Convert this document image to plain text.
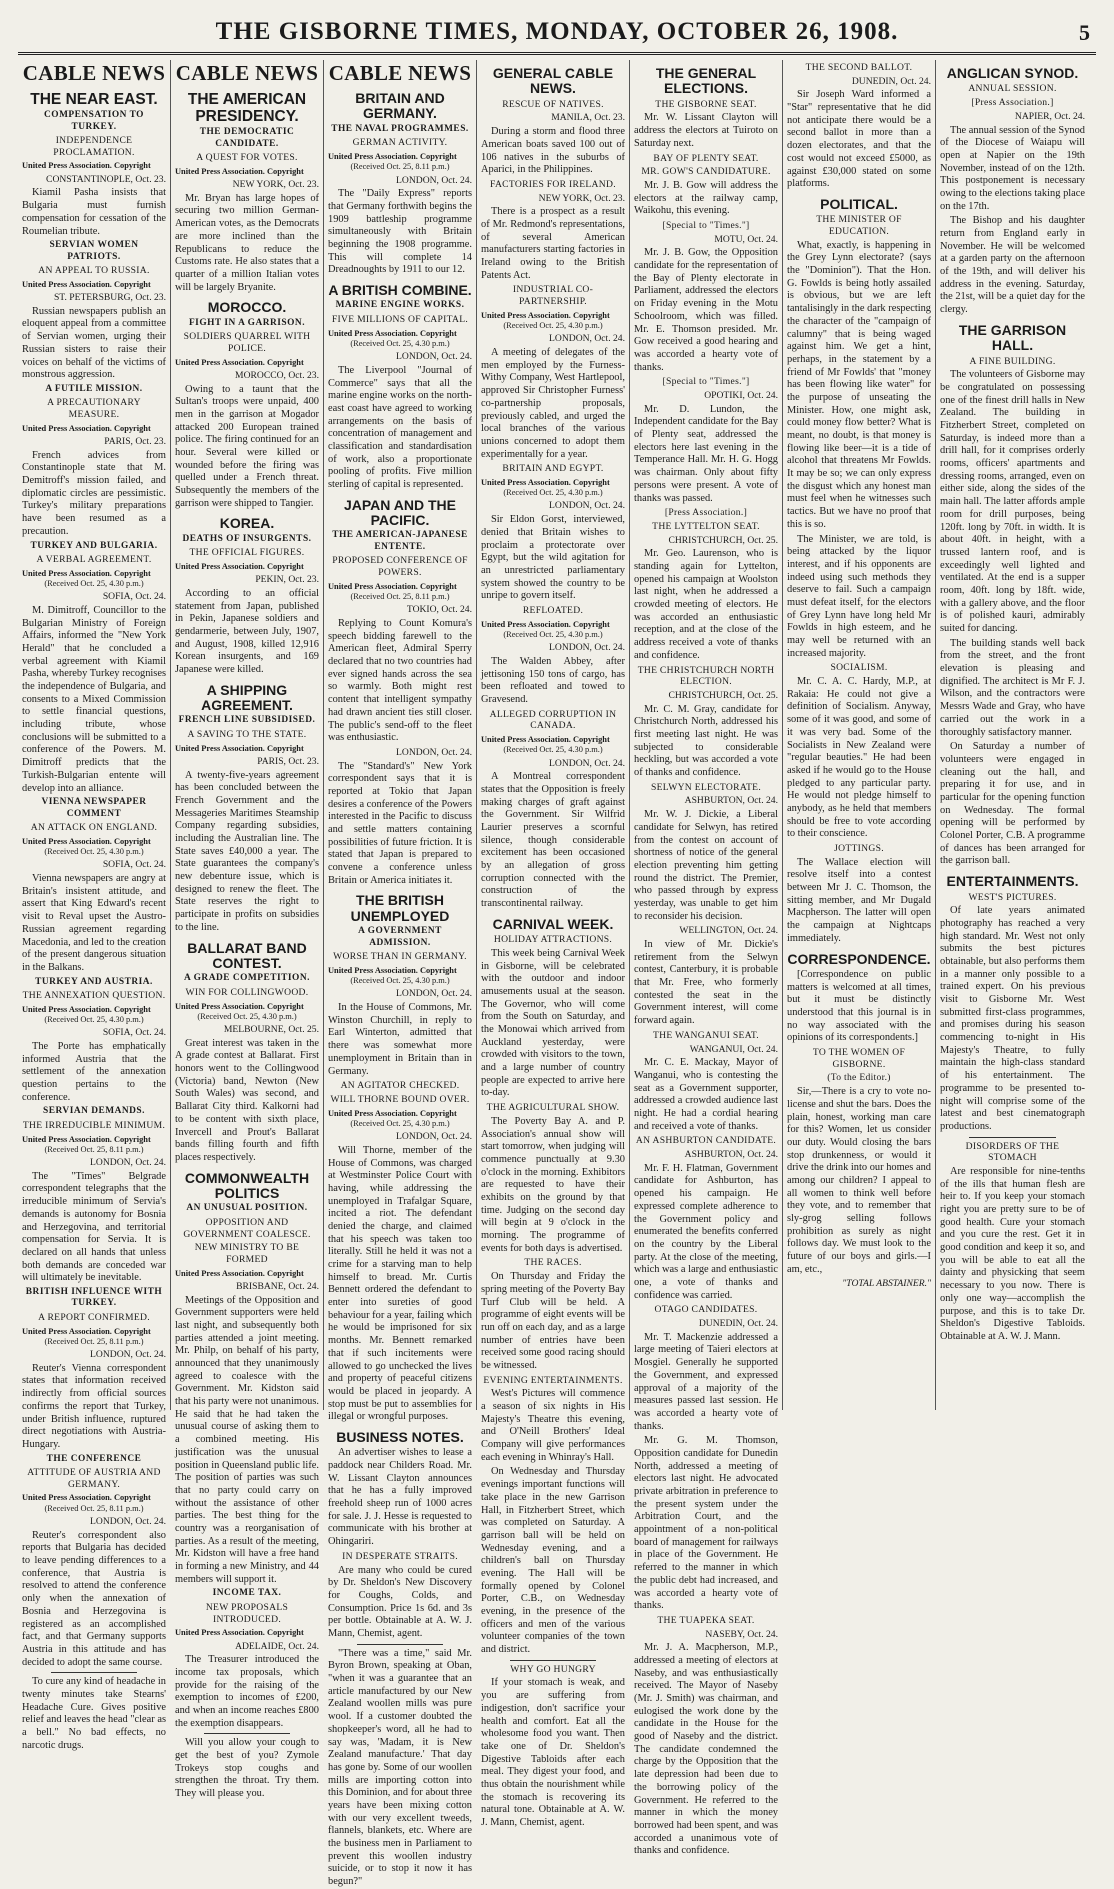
THE GISBORNE TIMES, MONDAY, OCTOBER 26, 1908.	5
CABLE NEWS
THE NEAR EAST.
COMPENSATION TO TURKEY.
INDEPENDENCE PROCLAMATION.
United Press Association. Copyright
CONSTANTINOPLE, Oct. 23.

Kiamil Pasha insists that Bulgaria must furnish compensation for cessation of the Roumelian tribute.

SERVIAN WOMEN PATRIOTS.
AN APPEAL TO RUSSIA.
United Press Association. Copyright
ST. PETERSBURG, Oct. 23.

Russian newspapers publish an eloquent appeal from a committee of Servian women, urging their Russian sisters to raise their voices on behalf of the victims of monstrous aggression.

A FUTILE MISSION.
A PRECAUTIONARY MEASURE.
United Press Association. Copyright
PARIS, Oct. 23.

French advices from Constantinople state that M. Demitroff's mission failed, and diplomatic circles are pessimistic. Turkey's military preparations have been resumed as a precaution.

TURKEY AND BULGARIA.
A VERBAL AGREEMENT.
United Press Association. Copyright
(Received Oct. 25, 4.30 p.m.)
SOFIA, Oct. 24.

M. Dimitroff, Councillor to the Bulgarian Ministry of Foreign Affairs, informed the "New York Herald" that he concluded a verbal agreement with Kiamil Pasha, whereby Turkey recognises the independence of Bulgaria, and consents to a Mixed Commission to settle financial questions, including tribute, whose conclusions will be submitted to a conference of the Powers. M. Dimitroff predicts that the Turkish-Bulgarian entente will develop into an alliance.

VIENNA NEWSPAPER COMMENT
AN ATTACK ON ENGLAND.
United Press Association. Copyright
(Received Oct. 25, 4.30 p.m.)
SOFIA, Oct. 24.

Vienna newspapers are angry at Britain's insistent attitude, and assert that King Edward's recent visit to Reval upset the Austro-Russian agreement regarding Macedonia, and led to the creation of the present dangerous situation in the Balkans.

TURKEY AND AUSTRIA.
THE ANNEXATION QUESTION.
United Press Association. Copyright
(Received Oct. 25, 4.30 p.m.)
SOFIA, Oct. 24.

The Porte has emphatically informed Austria that the settlement of the annexation question pertains to the conference.

SERVIAN DEMANDS.
THE IRREDUCIBLE MINIMUM.
United Press Association. Copyright
(Received Oct. 25, 8.11 p.m.)
LONDON, Oct. 24.

The "Times" Belgrade correspondent telegraphs that the irreducible minimum of Servia's demands is autonomy for Bosnia and Herzegovina, and territorial compensation for Servia. It is declared on all hands that unless both demands are conceded war will ultimately be inevitable.

BRITISH INFLUENCE WITH TURKEY.
A REPORT CONFIRMED.
United Press Association. Copyright
(Received Oct. 25, 8.11 p.m.)
LONDON, Oct. 24.

Reuter's Vienna correspondent states that information received indirectly from official sources confirms the report that Turkey, under British influence, ruptured direct negotiations with Austria-Hungary.

THE CONFERENCE
ATTITUDE OF AUSTRIA AND GERMANY.
United Press Association. Copyright
(Received Oct. 25, 8.11 p.m.)
LONDON, Oct. 24.

Reuter's correspondent also reports that Bulgaria has decided to leave pending differences to a conference, that Austria is resolved to attend the conference only when the annexation of Bosnia and Herzegovina is registered as an accomplished fact, and that Germany supports Austria in this attitude and has decided to adopt the same course.

To cure any kind of headache in twenty minutes take Stearns' Headache Cure. Gives positive relief and leaves the head "clear as a bell." No bad effects, no narcotic drugs.

CABLE NEWS
THE AMERICAN PRESIDENCY.
THE DEMOCRATIC CANDIDATE.
A QUEST FOR VOTES.
United Press Association. Copyright
NEW YORK, Oct. 23.

Mr. Bryan has large hopes of securing two million German-American votes, as the Democrats are more inclined than the Republicans to reduce the Customs rate. He also states that a quarter of a million Italian votes will be largely Bryanite.

MOROCCO.
FIGHT IN A GARRISON.
SOLDIERS QUARREL WITH POLICE.
United Press Association. Copyright
MOROCCO, Oct. 23.

Owing to a taunt that the Sultan's troops were unpaid, 400 men in the garrison at Mogador attacked 200 European trained police. The firing continued for an hour. Several were killed or wounded before the firing was quelled under a French threat. Subsequently the members of the garrison were shipped to Tangier.

KOREA.
DEATHS OF INSURGENTS.
THE OFFICIAL FIGURES.
United Press Association. Copyright
PEKIN, Oct. 23.

According to an official statement from Japan, published in Pekin, Japanese soldiers and gendarmerie, between July, 1907, and August, 1908, killed 12,916 Korean insurgents, and 169 Japanese were killed.

A SHIPPING AGREEMENT.
FRENCH LINE SUBSIDISED.
A SAVING TO THE STATE.
United Press Association. Copyright
PARIS, Oct. 23.

A twenty-five-years agreement has been concluded between the French Government and the Messageries Maritimes Steamship Company regarding subsidies, including the Australian line. The State saves £40,000 a year. The State guarantees the company's new debenture issue, which is designed to renew the fleet. The State reserves the right to participate in profits on subsidies to the line.

BALLARAT BAND CONTEST.
A GRADE COMPETITION.
WIN FOR COLLINGWOOD.
United Press Association. Copyright
(Received Oct. 25, 4.30 p.m.)
MELBOURNE, Oct. 25.

Great interest was taken in the A grade contest at Ballarat. First honors went to the Collingwood (Victoria) band, Newton (New South Wales) was second, and Ballarat City third. Kalkorni had to be content with sixth place, Invercell and Prout's Ballarat bands filling fourth and fifth places respectively.

COMMONWEALTH POLITICS
AN UNUSUAL POSITION.
OPPOSITION AND GOVERNMENT COALESCE.
NEW MINISTRY TO BE FORMED
United Press Association. Copyright
BRISBANE, Oct. 24.

Meetings of the Opposition and Government supporters were held last night, and subsequently both parties attended a joint meeting. Mr. Philp, on behalf of his party, announced that they unanimously agreed to coalesce with the Government. Mr. Kidston said that his party were not unanimous. He said that he had taken the unusual course of asking them to a combined meeting. His justification was the unusual position in Queensland public life. The position of parties was such that no party could carry on without the assistance of other parties. The best thing for the country was a reorganisation of parties. As a result of the meeting, Mr. Kidston will have a free hand in forming a new Ministry, and 44 members will support it.

INCOME TAX.
NEW PROPOSALS INTRODUCED.
United Press Association. Copyright
ADELAIDE, Oct. 24.

The Treasurer introduced the income tax proposals, which provide for the raising of the exemption to incomes of £200, and when an income reaches £800 the exemption disappears.

Will you allow your cough to get the best of you? Zymole Trokeys stop coughs and strengthen the throat. Try them. They will please you.

CABLE NEWS
BRITAIN AND GERMANY.
THE NAVAL PROGRAMMES.
GERMAN ACTIVITY.
United Press Association. Copyright
(Received Oct. 25, 8.11 p.m.)
LONDON, Oct. 24.

The "Daily Express" reports that Germany forthwith begins the 1909 battleship programme simultaneously with Britain beginning the 1908 programme. This will complete 14 Dreadnoughts by 1911 to our 12.

A BRITISH COMBINE.
MARINE ENGINE WORKS.
FIVE MILLIONS OF CAPITAL.
United Press Association. Copyright
(Received Oct. 25, 4.30 p.m.)
LONDON, Oct. 24.

The Liverpool "Journal of Commerce" says that all the marine engine works on the north-east coast have agreed to working arrangements on the basis of concentration of management and classification and standardisation of work, also a proportionate pooling of profits. Five million sterling of capital is represented.

JAPAN AND THE PACIFIC.
THE AMERICAN-JAPANESE ENTENTE.
PROPOSED CONFERENCE OF POWERS.
United Press Association. Copyright
(Received Oct. 25, 8.11 p.m.)
TOKIO, Oct. 24.

Replying to Count Komura's speech bidding farewell to the American fleet, Admiral Sperry declared that no two countries had ever signed hands across the sea so warmly. Both might rest content that intelligent sympathy had drawn ancient ties still closer. The public's send-off to the fleet was enthusiastic.

LONDON, Oct. 24.

The "Standard's" New York correspondent says that it is reported at Tokio that Japan desires a conference of the Powers interested in the Pacific to discuss and settle matters containing possibilities of future friction. It is stated that Japan is prepared to convene a conference unless Britain or America initiates it.

THE BRITISH UNEMPLOYED
A GOVERNMENT ADMISSION.
WORSE THAN IN GERMANY.
United Press Association. Copyright
(Received Oct. 25, 4.30 p.m.)
LONDON, Oct. 24.

In the House of Commons, Mr. Winston Churchill, in reply to Earl Winterton, admitted that there was somewhat more unemployment in Britain than in Germany.

AN AGITATOR CHECKED.
WILL THORNE BOUND OVER.
United Press Association. Copyright
(Received Oct. 25, 4.30 p.m.)
LONDON, Oct. 24.

Will Thorne, member of the House of Commons, was charged at Westminster Police Court with having, while addressing the unemployed in Trafalgar Square, incited a riot. The defendant denied the charge, and claimed that his speech was taken too literally. Still he held it was not a crime for a starving man to help himself to bread. Mr. Curtis Bennett ordered the defendant to enter into sureties of good behaviour for a year, failing which he would be imprisoned for six months. Mr. Bennett remarked that if such incitements were allowed to go unchecked the lives and property of peaceful citizens would be placed in jeopardy. A stop must be put to assemblies for illegal or wrongful purposes.

BUSINESS NOTES.

An advertiser wishes to lease a paddock near Childers Road. Mr. W. Lissant Clayton announces that he has a fully improved freehold sheep run of 1000 acres for sale. J. J. Hesse is requested to communicate with his brother at Ohingariri.

IN DESPERATE STRAITS.

Are many who could be cured by Dr. Sheldon's New Discovery for Coughs, Colds, and Consumption. Price 1s 6d. and 3s per bottle. Obtainable at A. W. J. Mann, Chemist, agent.

"There was a time," said Mr. Byron Brown, speaking at Oban, "when it was a guarantee that an article manufactured by our New Zealand woollen mills was pure wool. If a customer doubted the shopkeeper's word, all he had to say was, 'Madam, it is New Zealand manufacture.' That day has gone by. Some of our woollen mills are importing cotton into this Dominion, and for about three years have been mixing cotton with our very excellent tweeds, flannels, blankets, etc. Where are the business men in Parliament to prevent this woollen industry suicide, or to stop it now it has begun?"

GENERAL CABLE NEWS.
RESCUE OF NATIVES.
MANILA, Oct. 23.

During a storm and flood three American boats saved 100 out of 106 natives in the suburbs of Aparici, in the Philippines.

FACTORIES FOR IRELAND.
NEW YORK, Oct. 23.

There is a prospect as a result of Mr. Redmond's representations, of several American manufacturers starting factories in Ireland owing to the British Patents Act.

INDUSTRIAL CO-PARTNERSHIP.
United Press Association. Copyright
(Received Oct. 25, 4.30 p.m.)
LONDON, Oct. 24.

A meeting of delegates of the men employed by the Furness-Withy Company, West Hartlepool, approved Sir Christopher Furness' co-partnership proposals, previously cabled, and urged the local branches of the various unions concerned to adopt them experimentally for a year.

BRITAIN AND EGYPT.
United Press Association. Copyright
(Received Oct. 25, 4.30 p.m.)
LONDON, Oct. 24.

Sir Eldon Gorst, interviewed, denied that Britain wishes to proclaim a protectorate over Egypt, but the wild agitation for an unrestricted parliamentary system showed the country to be unripe to govern itself.

REFLOATED.
United Press Association. Copyright
(Received Oct. 25, 4.30 p.m.)
LONDON, Oct. 24.

The Walden Abbey, after jettisoning 150 tons of cargo, has been refloated and towed to Gravesend.

ALLEGED CORRUPTION IN CANADA.
United Press Association. Copyright
(Received Oct. 25, 4.30 p.m.)
LONDON, Oct. 24.

A Montreal correspondent states that the Opposition is freely making charges of graft against the Government. Sir Wilfrid Laurier preserves a scornful silence, though considerable excitement has been occasioned by an allegation of gross corruption connected with the construction of the transcontinental railway.

CARNIVAL WEEK.
HOLIDAY ATTRACTIONS.

This week being Carnival Week in Gisborne, will be celebrated with the outdoor and indoor amusements usual at the season. The Governor, who will come from the South on Saturday, and the Monowai which arrived from Auckland yesterday, were crowded with visitors to the town, and a large number of country people are expected to arrive here to-day.

THE AGRICULTURAL SHOW.

The Poverty Bay A. and P. Association's annual show will start tomorrow, when judging will commence punctually at 9.30 o'clock in the morning. Exhibitors are requested to have their exhibits on the ground by that time. Judging on the second day will begin at 9 o'clock in the morning. The programme of events for both days is advertised.

THE RACES.

On Thursday and Friday the spring meeting of the Poverty Bay Turf Club will be held. A programme of eight events will be run off on each day, and as a large number of entries have been received some good racing should be witnessed.

EVENING ENTERTAINMENTS.

West's Pictures will commence a season of six nights in His Majesty's Theatre this evening, and O'Neill Brothers' Ideal Company will give performances each evening in Whinray's Hall.

On Wednesday and Thursday evenings important functions will take place in the new Garrison Hall, in Fitzherbert Street, which was completed on Saturday. A garrison ball will be held on Wednesday evening, and a children's ball on Thursday evening. The Hall will be formally opened by Colonel Porter, C.B., on Wednesday evening, in the presence of the officers and men of the various volunteer companies of the town and district.

WHY GO HUNGRY

If your stomach is weak, and you are suffering from indigestion, don't sacrifice your health and comfort. Eat all the wholesome food you want. Then take one of Dr. Sheldon's Digestive Tabloids after each meal. They digest your food, and thus obtain the nourishment while the stomach is recovering its natural tone. Obtainable at A. W. J. Mann, Chemist, agent.

THE GENERAL ELECTIONS.
THE GISBORNE SEAT.

Mr. W. Lissant Clayton will address the electors at Tuiroto on Saturday next.

BAY OF PLENTY SEAT.
MR. GOW'S CANDIDATURE.

Mr. J. B. Gow will address the electors at the railway camp, Waikohu, this evening.

[Special to "Times."]
MOTU, Oct. 24.

Mr. J. B. Gow, the Opposition candidate for the representation of the Bay of Plenty electorate in Parliament, addressed the electors on Friday evening in the Motu Schoolroom, which was filled. Mr. E. Thomson presided. Mr. Gow received a good hearing and was accorded a hearty vote of thanks.

[Special to "Times."]
OPOTIKI, Oct. 24.

Mr. D. Lundon, the Independent candidate for the Bay of Plenty seat, addressed the electors here last evening in the Temperance Hall. Mr. H. G. Hogg was chairman. Only about fifty persons were present. A vote of thanks was passed.

[Press Association.]
THE LYTTELTON SEAT.
CHRISTCHURCH, Oct. 25.

Mr. Geo. Laurenson, who is standing again for Lyttelton, opened his campaign at Woolston last night, when he addressed a crowded meeting of electors. He was accorded an enthusiastic reception, and at the close of the address received a vote of thanks and confidence.

THE CHRISTCHURCH NORTH ELECTION.
CHRISTCHURCH, Oct. 25.

Mr. C. M. Gray, candidate for Christchurch North, addressed his first meeting last night. He was subjected to considerable heckling, but was accorded a vote of thanks and confidence.

SELWYN ELECTORATE.
ASHBURTON, Oct. 24.

Mr. W. J. Dickie, a Liberal candidate for Selwyn, has retired from the contest on account of shortness of notice of the general election preventing him getting round the district. The Premier, who passed through by express yesterday, was unable to get him to reconsider his decision.

WELLINGTON, Oct. 24.

In view of Mr. Dickie's retirement from the Selwyn contest, Canterbury, it is probable that Mr. Free, who formerly contested the seat in the Government interest, will come forward again.

THE WANGANUI SEAT.
WANGANUI, Oct. 24.

Mr. C. E. Mackay, Mayor of Wanganui, who is contesting the seat as a Government supporter, addressed a crowded audience last night. He had a cordial hearing and received a vote of thanks.

AN ASHBURTON CANDIDATE.
ASHBURTON, Oct. 24.

Mr. F. H. Flatman, Government candidate for Ashburton, has opened his campaign. He expressed complete adherence to the Government policy and enumerated the benefits conferred on the country by the Liberal party. At the close of the meeting, which was a large and enthusiastic one, a vote of thanks and confidence was carried.

OTAGO CANDIDATES.
DUNEDIN, Oct. 24.

Mr. T. Mackenzie addressed a large meeting of Taieri electors at Mosgiel. Generally he supported the Government, and expressed approval of a majority of the measures passed last session. He was accorded a hearty vote of thanks.

Mr. G. M. Thomson, Opposition candidate for Dunedin North, addressed a meeting of electors last night. He advocated private arbitration in preference to the present system under the Arbitration Court, and the appointment of a non-political board of management for railways in place of the Government. He referred to the manner in which the public debt had increased, and was accorded a hearty vote of thanks.

THE TUAPEKA SEAT.
NASEBY, Oct. 24.

Mr. J. A. Macpherson, M.P., addressed a meeting of electors at Naseby, and was enthusiastically received. The Mayor of Naseby (Mr. J. Smith) was chairman, and eulogised the work done by the candidate in the House for the good of Naseby and the district. The candidate condemned the charge by the Opposition that the late depression had been due to the borrowing policy of the Government. He referred to the manner in which the money borrowed had been spent, and was accorded a unanimous vote of thanks and confidence.

THE SECOND BALLOT.
DUNEDIN, Oct. 24.

Sir Joseph Ward informed a "Star" representative that he did not anticipate there would be a second ballot in more than a dozen electorates, and that the cost would not exceed £5000, as against £30,000 stated on some platforms.

POLITICAL.
THE MINISTER OF EDUCATION.

What, exactly, is happening in the Grey Lynn electorate? (says the "Dominion"). That the Hon. G. Fowlds is being hotly assailed is obvious, but we are left tantalisingly in the dark respecting the character of the "campaign of calumny" that is being waged against him. We get a hint, perhaps, in the statement by a friend of Mr Fowlds' that "money has been flowing like water" for the purpose of unseating the Minister. How, one might ask, could money flow better? What is meant, no doubt, is that money is flowing like beer—it is a tide of alcohol that threatens Mr Fowlds. It may be so; we can only express the disgust which any honest man must feel when he witnesses such tactics. But we have no proof that this is so.

The Minister, we are told, is being attacked by the liquor interest, and if his opponents are indeed using such methods they deserve to fail. Such a campaign must defeat itself, for the electors of Grey Lynn have long held Mr Fowlds in high esteem, and he may well be returned with an increased majority.

SOCIALISM.

Mr. C. A. C. Hardy, M.P., at Rakaia: He could not give a definition of Socialism. Anyway, some of it was good, and some of it was very bad. Some of the Socialists in New Zealand were "regular beauties." He had been asked if he would go to the House pledged to any particular party. He would not pledge himself to anybody, as he held that members should be free to vote according to their conscience.

JOTTINGS.

The Wallace election will resolve itself into a contest between Mr J. C. Thomson, the sitting member, and Mr Dugald Macpherson. The latter will open the campaign at Nightcaps immediately.

CORRESPONDENCE.

[Correspondence on public matters is welcomed at all times, but it must be distinctly understood that this journal is in no way associated with the opinions of its correspondents.]

TO THE WOMEN OF GISBORNE.
(To the Editor.)

Sir,—There is a cry to vote no-license and shut the bars. Does the plain, honest, working man care for this? Women, let us consider our duty. Would closing the bars stop drunkenness, or would it drive the drink into our homes and among our children? I appeal to all women to think well before they vote, and to remember that sly-grog selling follows prohibition as surely as night follows day. We must look to the future of our boys and girls.—I am, etc.,

"TOTAL ABSTAINER."
ANGLICAN SYNOD.
ANNUAL SESSION.
[Press Association.]
NAPIER, Oct. 24.

The annual session of the Synod of the Diocese of Waiapu will open at Napier on the 19th November, instead of on the 12th. This postponement is necessary owing to the elections taking place on the 17th.

The Bishop and his daughter return from England early in November. He will be welcomed at a garden party on the afternoon of the 19th, and will deliver his address in the evening. Saturday, the 21st, will be a quiet day for the clergy.

THE GARRISON HALL.
A FINE BUILDING.

The volunteers of Gisborne may be congratulated on possessing one of the finest drill halls in New Zealand. The building in Fitzherbert Street, completed on Saturday, is indeed more than a drill hall, for it comprises orderly rooms, officers' apartments and dressing rooms, arranged, even on either side, along the sides of the main hall. The latter affords ample room for drill purposes, being 120ft. long by 70ft. in width. It is about 40ft. in height, with a trussed lantern roof, and is exceedingly well lighted and ventilated. At the end is a supper room, 40ft. long by 18ft. wide, with a gallery above, and the floor is of polished kauri, admirably suited for dancing.

The building stands well back from the street, and the front elevation is pleasing and dignified. The architect is Mr F. J. Wilson, and the contractors were Messrs Wade and Gray, who have carried out the work in a thoroughly satisfactory manner.

On Saturday a number of volunteers were engaged in cleaning out the hall, and preparing it for use, and in particular for the opening function on Wednesday. The formal opening will be performed by Colonel Porter, C.B. A programme of dances has been arranged for the garrison ball.

ENTERTAINMENTS.
WEST'S PICTURES.

Of late years animated photography has reached a very high standard. Mr. West not only submits the best pictures obtainable, but also performs them in a manner only possible to a trained expert. On his previous visit to Gisborne Mr. West submitted first-class programmes, and promises during his season commencing to-night in His Majesty's Theatre, to fully maintain the high-class standard of his entertainment. The programme to be presented to-night will comprise some of the latest and best cinematograph productions.

DISORDERS OF THE STOMACH

Are responsible for nine-tenths of the ills that human flesh are heir to. If you keep your stomach right you are pretty sure to be of good health. Cure your stomach and you cure the rest. Get it in good condition and keep it so, and you will be able to eat all the dainty and physicking that seem necessary to you now. There is only one way—accomplish the purpose, and this is to take Dr. Sheldon's Digestive Tabloids. Obtainable at A. W. J. Mann.
